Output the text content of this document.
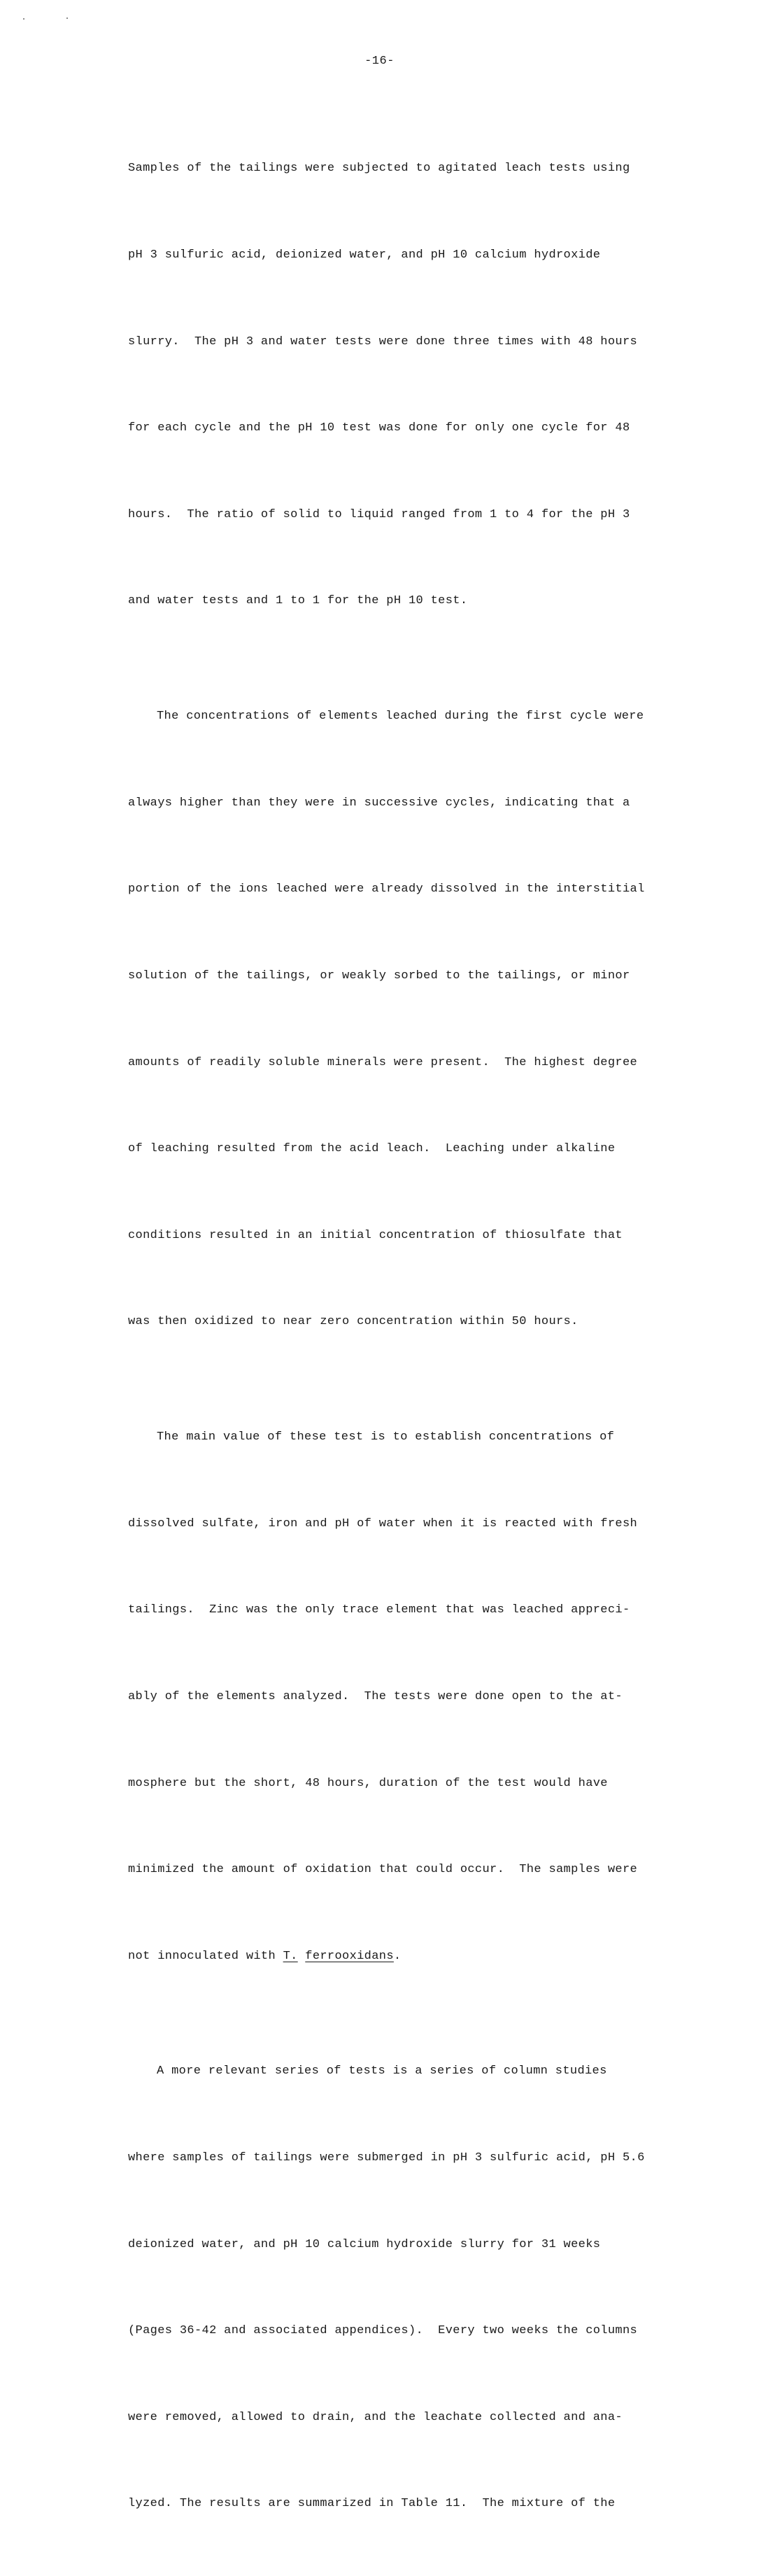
-16-

Samples of the tailings were subjected to agitated leach tests using

pH 3 sulfuric acid, deionized water, and pH 10 calcium hydroxide

slurry.  The pH 3 and water tests were done three times with 48 hours

for each cycle and the pH 10 test was done for only one cycle for 48

hours.  The ratio of solid to liquid ranged from 1 to 4 for the pH 3

and water tests and 1 to 1 for the pH 10 test.

The concentrations of elements leached during the first cycle were

always higher than they were in successive cycles, indicating that a

portion of the ions leached were already dissolved in the interstitial

solution of the tailings, or weakly sorbed to the tailings, or minor

amounts of readily soluble minerals were present.  The highest degree

of leaching resulted from the acid leach.  Leaching under alkaline

conditions resulted in an initial concentration of thiosulfate that

was then oxidized to near zero concentration within 50 hours.

The main value of these test is to establish concentrations of

dissolved sulfate, iron and pH of water when it is reacted with fresh

tailings.  Zinc was the only trace element that was leached appreci-

ably of the elements analyzed.  The tests were done open to the at-

mosphere but the short, 48 hours, duration of the test would have

minimized the amount of oxidation that could occur.  The samples were

not innoculated with T. ferrooxidans.

A more relevant series of tests is a series of column studies

where samples of tailings were submerged in pH 3 sulfuric acid, pH 5.6

deionized water, and pH 10 calcium hydroxide slurry for 31 weeks

(Pages 36-42 and associated appendices).  Every two weeks the columns

were removed, allowed to drain, and the leachate collected and ana-

lyzed. The results are summarized in Table 11.  The mixture of the
